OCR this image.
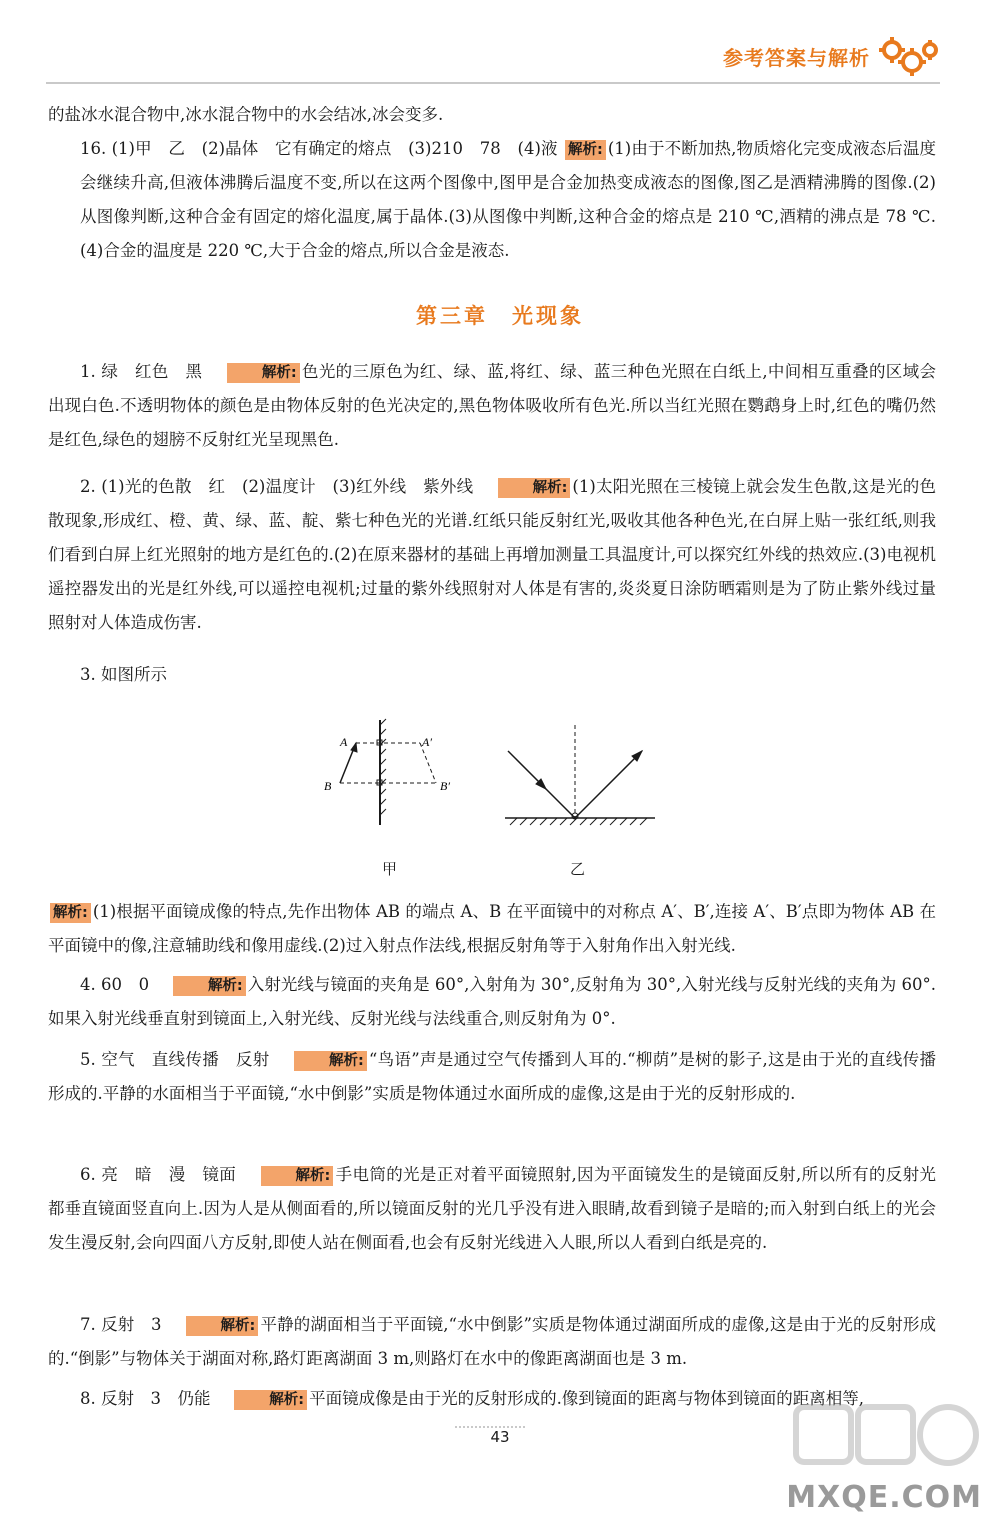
参考答案与解析
的盐冰水混合物中,冰水混合物中的水会结冰,冰会变多.
16. (1)甲　乙　(2)晶体　它有确定的熔点　(3)210　78　(4)液 解析: (1)由于不断加热,物质熔化完变成液态后温度会继续升高,但液体沸腾后温度不变,所以在这两个图像中,图甲是合金加热变成液态的图像,图乙是酒精沸腾的图像.(2)从图像判断,这种合金有固定的熔化温度,属于晶体.(3)从图像中判断,这种合金的熔点是 210 ℃,酒精的沸点是 78 ℃.(4)合金的温度是 220 ℃,大于合金的熔点,所以合金是液态.
第三章　光现象
1. 绿　红色　黑　	解析: 色光的三原色为红、绿、蓝,将红、绿、蓝三种色光照在白纸上,中间相互重叠的区域会出现白色.不透明物体的颜色是由物体反射的色光决定的,黑色物体吸收所有色光.所以当红光照在鹦鹉身上时,红色的嘴仍然是红色,绿色的翅膀不反射红光呈现黑色.
2. (1)光的色散　红　(2)温度计　(3)红外线　紫外线　	解析: (1)太阳光照在三棱镜上就会发生色散,这是光的色散现象,形成红、橙、黄、绿、蓝、靛、紫七种色光的光谱.红纸只能反射红光,吸收其他各种色光,在白屏上贴一张红纸,则我们看到白屏上红光照射的地方是红色的.(2)在原来器材的基础上再增加测量工具温度计,可以探究红外线的热效应.(3)电视机遥控器发出的光是红外线,可以遥控电视机;过量的紫外线照射对人体是有害的,炎炎夏日涂防晒霜则是为了防止紫外线过量照射对人体造成伤害.
3. 如图所示
A	A′
B	B′
甲	乙
解析: (1)根据平面镜成像的特点,先作出物体 AB 的端点 A、B 在平面镜中的对称点 A′、B′,连接 A′、B′点即为物体 AB 在平面镜中的像,注意辅助线和像用虚线.(2)过入射点作法线,根据反射角等于入射角作出入射光线.
4. 60　0　	解析: 入射光线与镜面的夹角是 60°,入射角为 30°,反射角为 30°,入射光线与反射光线的夹角为 60°.如果入射光线垂直射到镜面上,入射光线、反射光线与法线重合,则反射角为 0°.
5. 空气　直线传播　反射　	解析: “鸟语”声是通过空气传播到人耳的.“柳荫”是树的影子,这是由于光的直线传播形成的.平静的水面相当于平面镜,“水中倒影”实质是物体通过水面所成的虚像,这是由于光的反射形成的.
6. 亮　暗　漫　镜面　	解析: 手电筒的光是正对着平面镜照射,因为平面镜发生的是镜面反射,所以所有的反射光都垂直镜面竖直向上.因为人是从侧面看的,所以镜面反射的光几乎没有进入眼睛,故看到镜子是暗的;而入射到白纸上的光会发生漫反射,会向四面八方反射,即使人站在侧面看,也会有反射光线进入人眼,所以人看到白纸是亮的.
7. 反射　3　	解析: 平静的湖面相当于平面镜,“水中倒影”实质是物体通过湖面所成的虚像,这是由于光的反射形成的.“倒影”与物体关于湖面对称,路灯距离湖面 3 m,则路灯在水中的像距离湖面也是 3 m.
8. 反射　3　仍能　	解析: 平面镜成像是由于光的反射形成的.像到镜面的距离与物体到镜面的距离相等,
43
MXQE.COM
